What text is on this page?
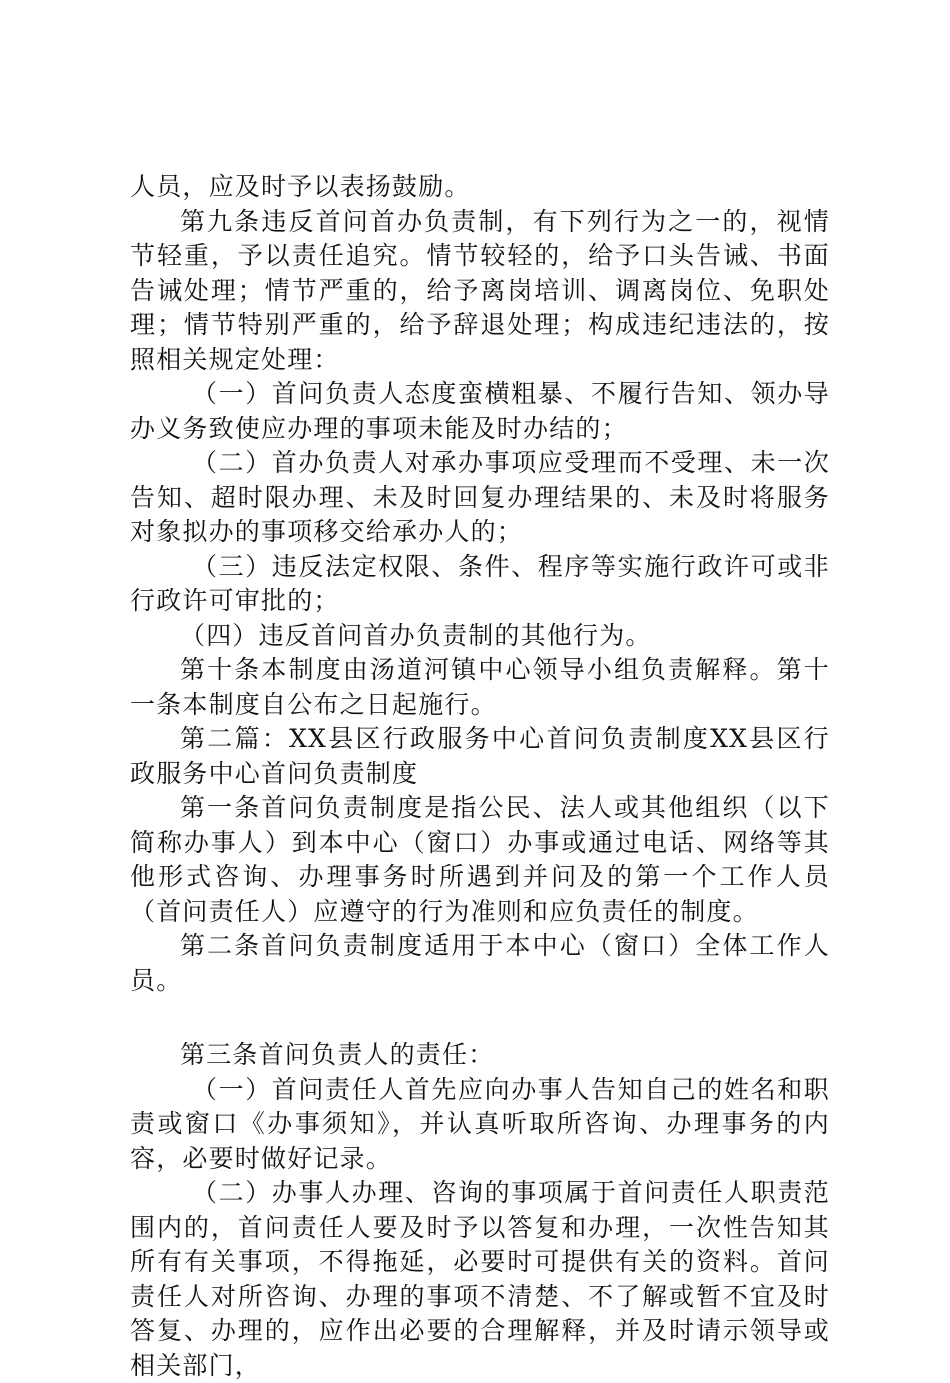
人员，应及时予以表扬鼓励。

第九条违反首问首办负责制，有下列行为之一的，视情节轻重，予以责任追究。情节较轻的，给予口头告诫、书面告诫处理；情节严重的，给予离岗培训、调离岗位、免职处理；情节特别严重的，给予辞退处理；构成违纪违法的，按照相关规定处理：

（一）首问负责人态度蛮横粗暴、不履行告知、领办导办义务致使应办理的事项未能及时办结的；

（二）首办负责人对承办事项应受理而不受理、未一次告知、超时限办理、未及时回复办理结果的、未及时将服务对象拟办的事项移交给承办人的；

（三）违反法定权限、条件、程序等实施行政许可或非行政许可审批的；

（四）违反首问首办负责制的其他行为。

第十条本制度由汤道河镇中心领导小组负责解释。第十一条本制度自公布之日起施行。

第二篇：XX县区行政服务中心首问负责制度XX县区行政服务中心首问负责制度

第一条首问负责制度是指公民、法人或其他组织（以下简称办事人）到本中心（窗口）办事或通过电话、网络等其他形式咨询、办理事务时所遇到并问及的第一个工作人员（首问责任人）应遵守的行为准则和应负责任的制度。

第二条首问负责制度适用于本中心（窗口）全体工作人员。

第三条首问负责人的责任：

（一）首问责任人首先应向办事人告知自己的姓名和职责或窗口《办事须知》，并认真听取所咨询、办理事务的内容，必要时做好记录。

（二）办事人办理、咨询的事项属于首问责任人职责范围内的，首问责任人要及时予以答复和办理，一次性告知其所有有关事项，不得拖延，必要时可提供有关的资料。首问责任人对所咨询、办理的事项不清楚、不了解或暂不宜及时答复、办理的，应作出必要的合理解释，并及时请示领导或相关部门，
